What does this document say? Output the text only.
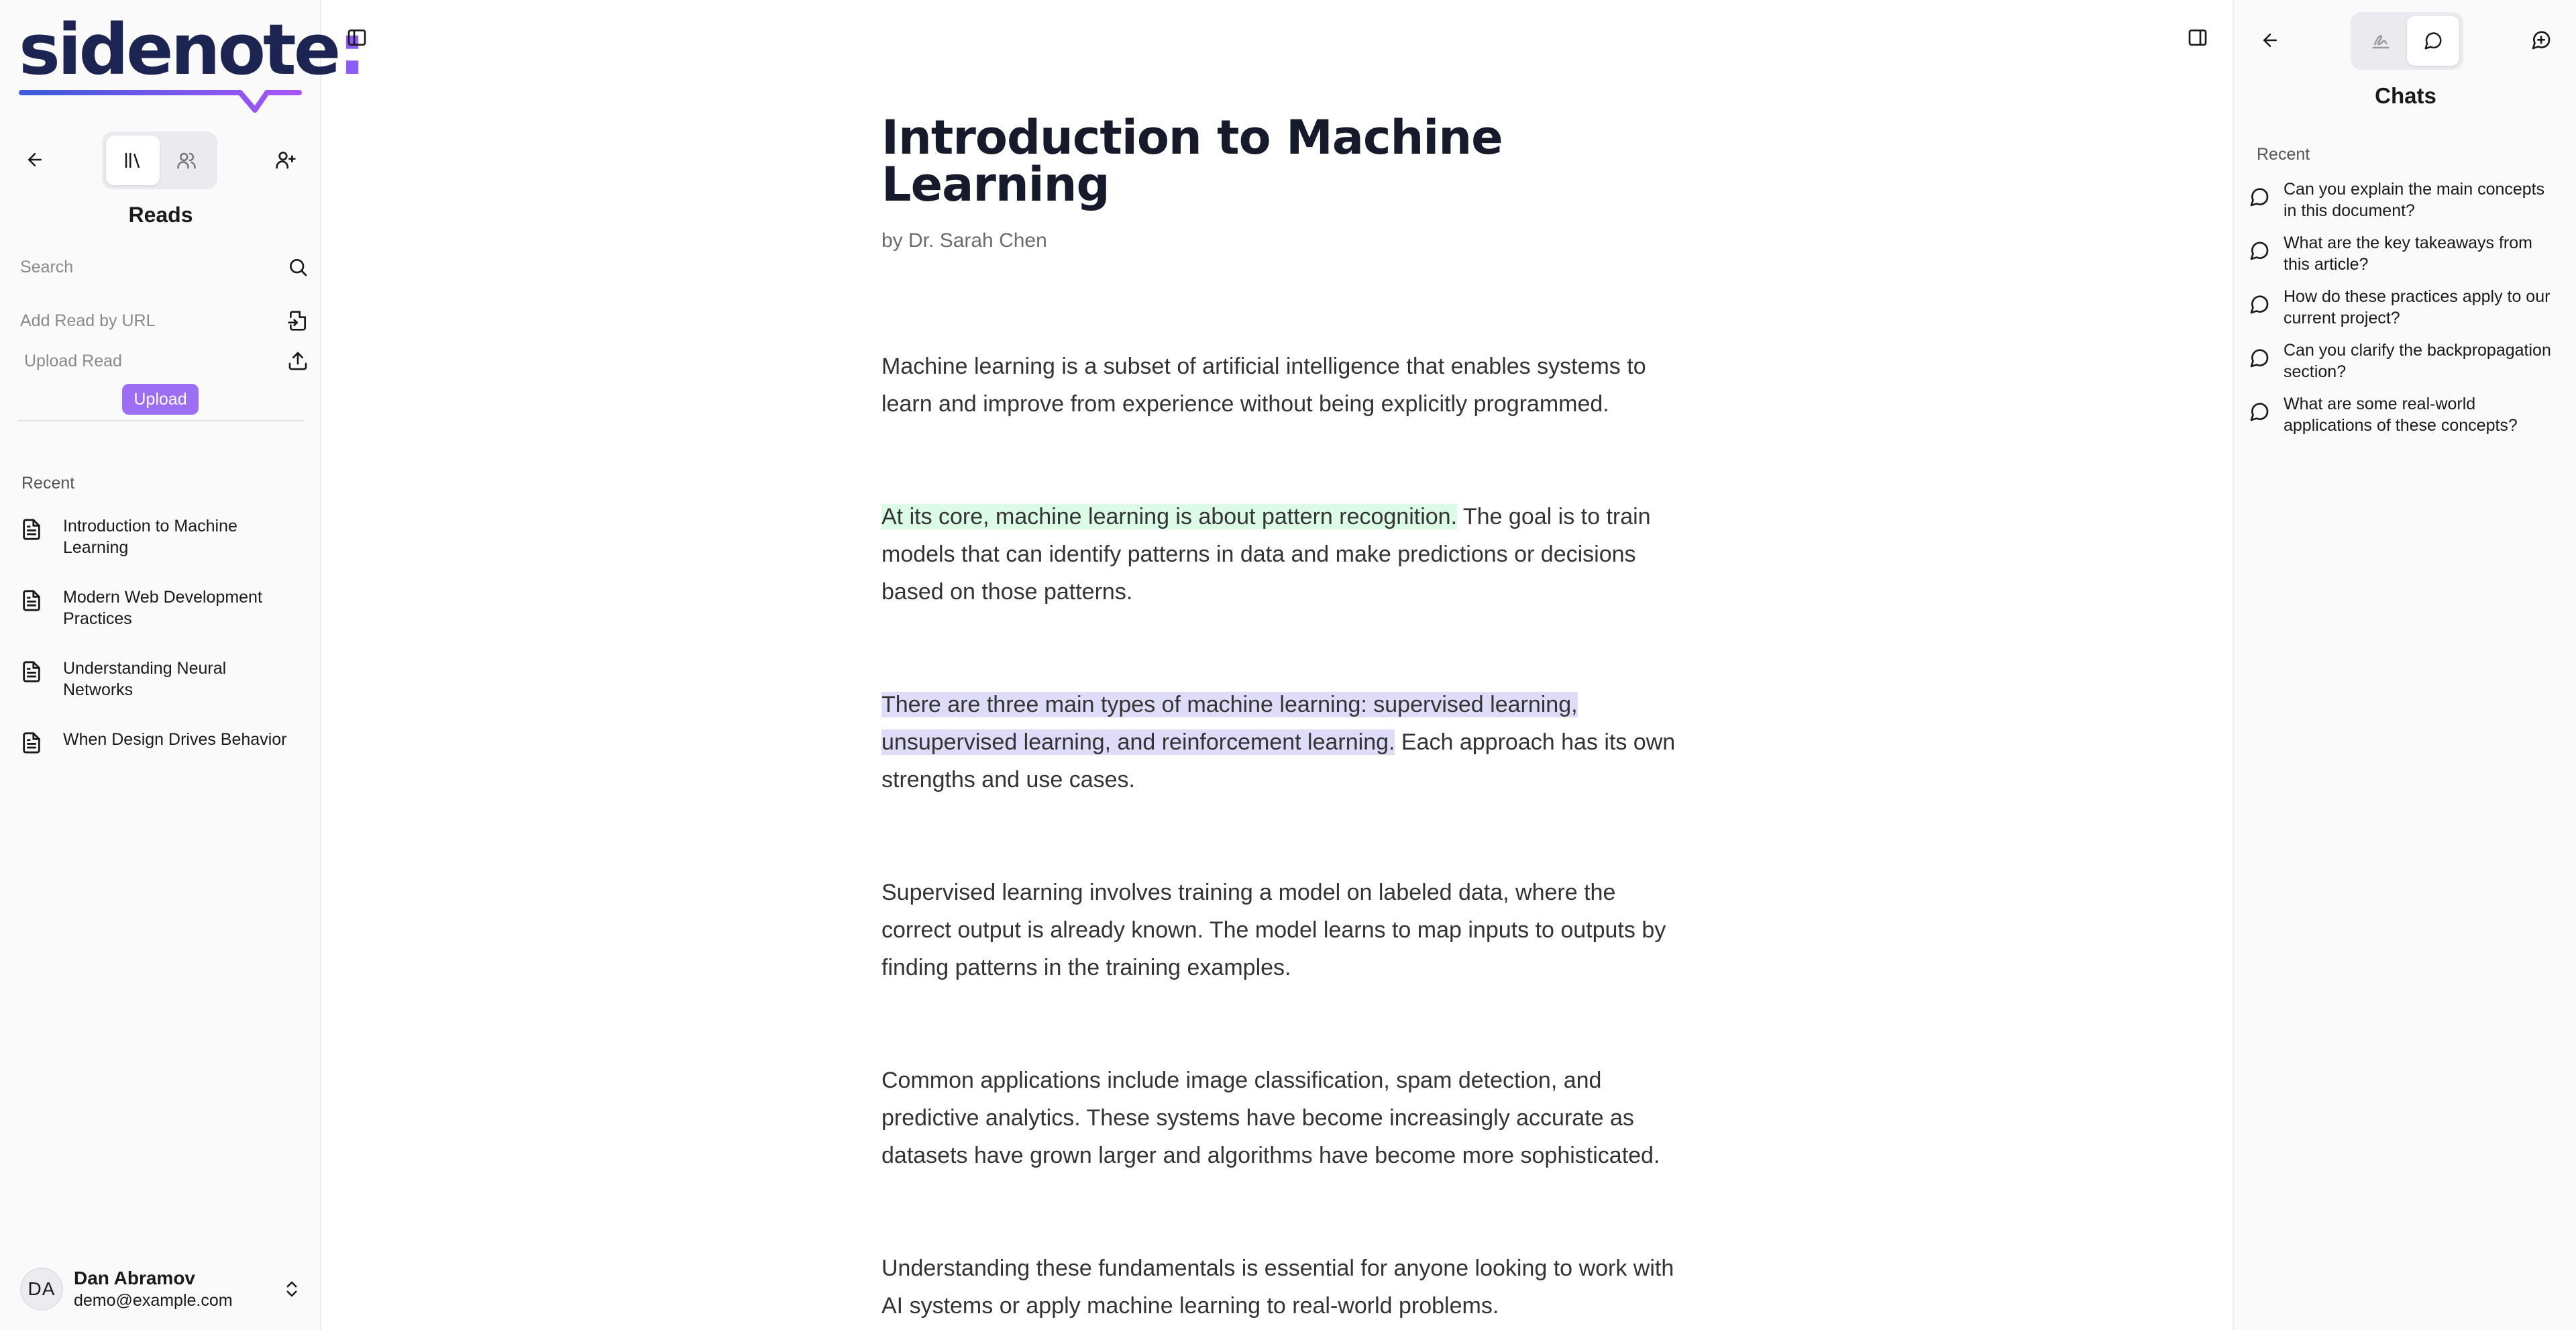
sidenote:
Reads
Search
Add Read by URL
Upload Read
Upload
Recent
Introduction to Machine Learning
Modern Web Development Practices
Understanding Neural Networks
When Design Drives Behavior
DA
Dan Abramov
demo@example.com
Introduction to Machine Learning
by Dr. Sarah Chen

Machine learning is a subset of artificial intelligence that enables systems to learn and improve from experience without being explicitly programmed.

At its core, machine learning is about pattern recognition. The goal is to train models that can identify patterns in data and make predictions or decisions based on those patterns.

There are three main types of machine learning: supervised learning, unsupervised learning, and reinforcement learning. Each approach has its own strengths and use cases.

Supervised learning involves training a model on labeled data, where the correct output is already known. The model learns to map inputs to outputs by finding patterns in the training examples.

Common applications include image classification, spam detection, and predictive analytics. These systems have become increasingly accurate as datasets have grown larger and algorithms have become more sophisticated.

Understanding these fundamentals is essential for anyone looking to work with AI systems or apply machine learning to real-world problems.

Chats
Recent
Can you explain the main concepts in this document?
What are the key takeaways from this article?
How do these practices apply to our current project?
Can you clarify the backpropagation section?
What are some real-world applications of these concepts?
